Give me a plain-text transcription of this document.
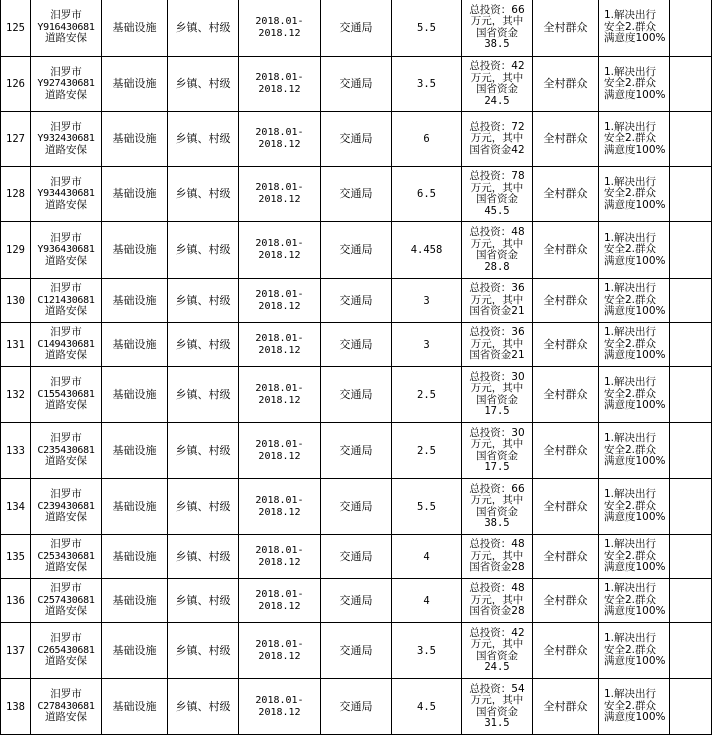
125	汨罗市
Y916430681
道路安保	基础设施	乡镇、村级	2018.01-
2018.12	交通局	5.5	总投资：66
万元，其中
国省资金
38.5	全村群众	1.解决出行
安全2.群众
满意度100%	

126	汨罗市
Y927430681
道路安保	基础设施	乡镇、村级	2018.01-
2018.12	交通局	3.5	总投资：42
万元，其中
国省资金
24.5	全村群众	1.解决出行
安全2.群众
满意度100%	

127	汨罗市
Y932430681
道路安保	基础设施	乡镇、村级	2018.01-
2018.12	交通局	6	总投资：72
万元，其中
国省资金42	全村群众	1.解决出行
安全2.群众
满意度100%	

128	汨罗市
Y934430681
道路安保	基础设施	乡镇、村级	2018.01-
2018.12	交通局	6.5	总投资：78
万元，其中
国省资金
45.5	全村群众	1.解决出行
安全2.群众
满意度100%	

129	汨罗市
Y936430681
道路安保	基础设施	乡镇、村级	2018.01-
2018.12	交通局	4.458	总投资：48
万元，其中
国省资金
28.8	全村群众	1.解决出行
安全2.群众
满意度100%	

130	汨罗市
C121430681
道路安保	基础设施	乡镇、村级	2018.01-
2018.12	交通局	3	总投资：36
万元，其中
国省资金21	全村群众	1.解决出行
安全2.群众
满意度100%	

131	汨罗市
C149430681
道路安保	基础设施	乡镇、村级	2018.01-
2018.12	交通局	3	总投资：36
万元，其中
国省资金21	全村群众	1.解决出行
安全2.群众
满意度100%	

132	汨罗市
C155430681
道路安保	基础设施	乡镇、村级	2018.01-
2018.12	交通局	2.5	总投资：30
万元，其中
国省资金
17.5	全村群众	1.解决出行
安全2.群众
满意度100%	

133	汨罗市
C235430681
道路安保	基础设施	乡镇、村级	2018.01-
2018.12	交通局	2.5	总投资：30
万元，其中
国省资金
17.5	全村群众	1.解决出行
安全2.群众
满意度100%	

134	汨罗市
C239430681
道路安保	基础设施	乡镇、村级	2018.01-
2018.12	交通局	5.5	总投资：66
万元，其中
国省资金
38.5	全村群众	1.解决出行
安全2.群众
满意度100%	

135	汨罗市
C253430681
道路安保	基础设施	乡镇、村级	2018.01-
2018.12	交通局	4	总投资：48
万元，其中
国省资金28	全村群众	1.解决出行
安全2.群众
满意度100%	

136	汨罗市
C257430681
道路安保	基础设施	乡镇、村级	2018.01-
2018.12	交通局	4	总投资：48
万元，其中
国省资金28	全村群众	1.解决出行
安全2.群众
满意度100%	

137	汨罗市
C265430681
道路安保	基础设施	乡镇、村级	2018.01-
2018.12	交通局	3.5	总投资：42
万元，其中
国省资金
24.5	全村群众	1.解决出行
安全2.群众
满意度100%	

138	汨罗市
C278430681
道路安保	基础设施	乡镇、村级	2018.01-
2018.12	交通局	4.5	总投资：54
万元，其中
国省资金
31.5	全村群众	1.解决出行
安全2.群众
满意度100%	
